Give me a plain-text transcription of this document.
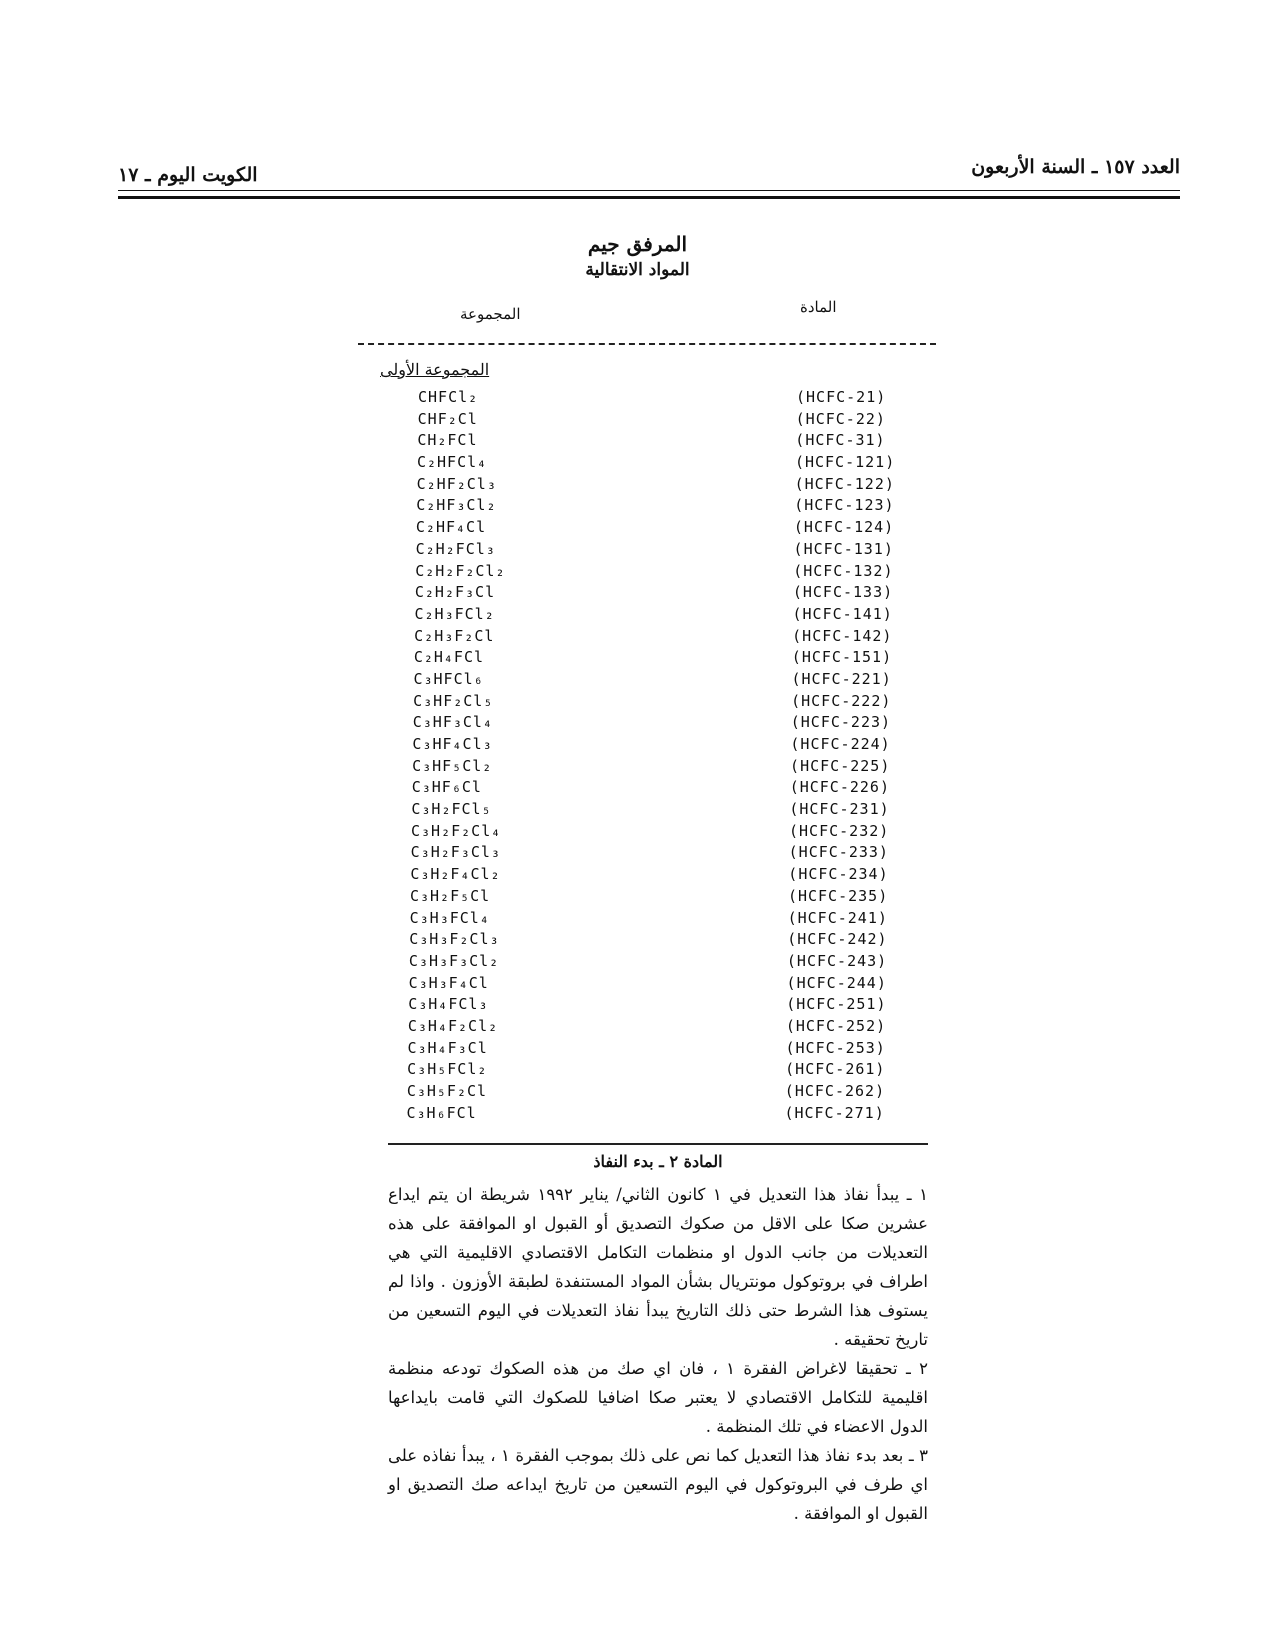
العدد ١٥٧ ـ السنة الأربعون
الكويت اليوم ـ ١٧
المرفق جيم
المواد الانتقالية
المجموعة	المادة
المجموعة الأولى
CHFCl₂	(HCFC-21)
CHF₂Cl	(HCFC-22)
CH₂FCl	(HCFC-31)
C₂HFCl₄	(HCFC-121)
C₂HF₂Cl₃	(HCFC-122)
C₂HF₃Cl₂	(HCFC-123)
C₂HF₄Cl	(HCFC-124)
C₂H₂FCl₃	(HCFC-131)
C₂H₂F₂Cl₂	(HCFC-132)
C₂H₂F₃Cl	(HCFC-133)
C₂H₃FCl₂	(HCFC-141)
C₂H₃F₂Cl	(HCFC-142)
C₂H₄FCl	(HCFC-151)
C₃HFCl₆	(HCFC-221)
C₃HF₂Cl₅	(HCFC-222)
C₃HF₃Cl₄	(HCFC-223)
C₃HF₄Cl₃	(HCFC-224)
C₃HF₅Cl₂	(HCFC-225)
C₃HF₆Cl	(HCFC-226)
C₃H₂FCl₅	(HCFC-231)
C₃H₂F₂Cl₄	(HCFC-232)
C₃H₂F₃Cl₃	(HCFC-233)
C₃H₂F₄Cl₂	(HCFC-234)
C₃H₂F₅Cl	(HCFC-235)
C₃H₃FCl₄	(HCFC-241)
C₃H₃F₂Cl₃	(HCFC-242)
C₃H₃F₃Cl₂	(HCFC-243)
C₃H₃F₄Cl	(HCFC-244)
C₃H₄FCl₃	(HCFC-251)
C₃H₄F₂Cl₂	(HCFC-252)
C₃H₄F₃Cl	(HCFC-253)
C₃H₅FCl₂	(HCFC-261)
C₃H₅F₂Cl	(HCFC-262)
C₃H₆FCl	(HCFC-271)
المادة ٢ ـ بدء النفاذ

١ ـ يبدأ نفاذ هذا التعديل في ١ كانون الثاني/ يناير ١٩٩٢ شريطة ان يتم ايداع عشرين صكا على الاقل من صكوك التصديق أو القبول او الموافقة على هذه التعديلات من جانب الدول او منظمات التكامل الاقتصادي الاقليمية التي هي اطراف في بروتوكول مونتريال بشأن المواد المستنفدة لطبقة الأوزون . واذا لم يستوف هذا الشرط حتى ذلك التاريخ يبدأ نفاذ التعديلات في اليوم التسعين من تاريخ تحقيقه .

٢ ـ تحقيقا لاغراض الفقرة ١ ، فان اي صك من هذه الصكوك تودعه منظمة اقليمية للتكامل الاقتصادي لا يعتبر صكا اضافيا للصكوك التي قامت بايداعها الدول الاعضاء في تلك المنظمة .

٣ ـ بعد بدء نفاذ هذا التعديل كما نص على ذلك بموجب الفقرة ١ ، يبدأ نفاذه على اي طرف في البروتوكول في اليوم التسعين من تاريخ ايداعه صك التصديق او القبول او الموافقة .
